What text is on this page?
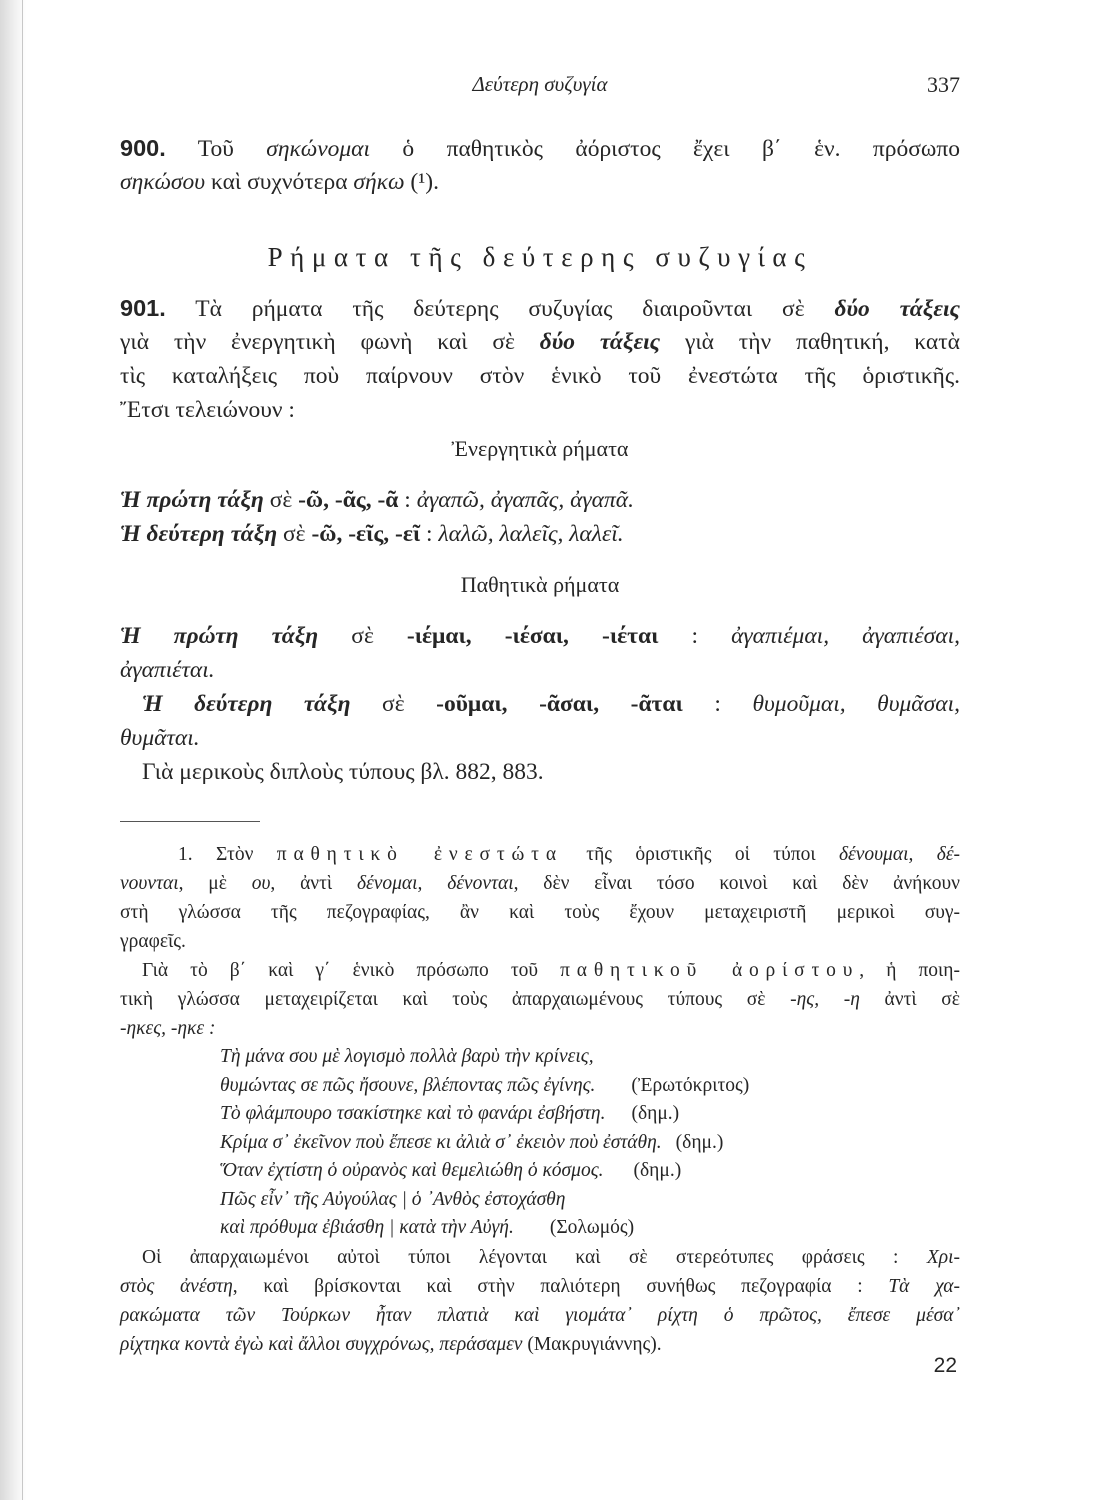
Δεύτερη συζυγία	337
900. Τοῦ σηκώνομαι ὁ παθητικὸς ἀόριστος ἔχει β΄ ἑν. πρόσωπο
σηκώσου καὶ συχνότερα σήκω (¹).
Ρήματα τῆς δεύτερης συζυγίας
901. Τὰ ρήματα τῆς δεύτερης συζυγίας διαιροῦνται σὲ δύο τάξεις
γιὰ τὴν ἐνεργητικὴ φωνὴ καὶ σὲ δύο τάξεις γιὰ τὴν παθητική, κατὰ
τὶς καταλήξεις ποὺ παίρνουν στὸν ἑνικὸ τοῦ ἐνεστώτα τῆς ὁριστικῆς.
Ἔτσι τελειώνουν :
Ἐνεργητικὰ ρήματα
Ἡ πρώτη τάξη σὲ -ῶ, -ᾶς, -ᾶ : ἀγαπῶ, ἀγαπᾶς, ἀγαπᾶ.
Ἡ δεύτερη τάξη σὲ -ῶ, -εῖς, -εῖ : λαλῶ, λαλεῖς, λαλεῖ.
Παθητικὰ ρήματα
Ἡ πρώτη τάξη σὲ -ιέμαι, -ιέσαι, -ιέται : ἀγαπιέμαι, ἀγαπιέσαι,
ἀγαπιέται.
Ἡ δεύτερη τάξη σὲ -οῦμαι, -ᾶσαι, -ᾶται : θυμοῦμαι, θυμᾶσαι,
θυμᾶται.
Γιὰ μερικοὺς διπλοὺς τύπους βλ. 882, 883.
1. Στὸν παθητικὸ ἐνεστώτα τῆς ὁριστικῆς οἱ τύποι δένουμαι, δέ-
νουνται, μὲ ου, ἀντὶ δένομαι, δένονται, δὲν εἶναι τόσο κοινοὶ καὶ δὲν ἀνήκουν
στὴ γλώσσα τῆς πεζογραφίας, ἂν καὶ τοὺς ἔχουν μεταχειριστῆ μερικοὶ συγ-
γραφεῖς.
Γιὰ τὸ β΄ καὶ γ΄ ἑνικὸ πρόσωπο τοῦ παθητικοῦ ἀορίστου, ἡ ποιη-
τικὴ γλώσσα μεταχειρίζεται καὶ τοὺς ἀπαρχαιωμένους τύπους σὲ -ης, -η ἀντὶ σὲ
-ηκες, -ηκε :
Τὴ μάνα σου μὲ λογισμὸ πολλὰ βαρὺ τὴν κρίνεις,
θυμώντας σε πῶς ἤσουνε, βλέποντας πῶς ἐγίνης. (Ἐρωτόκριτος)
Τὸ φλάμπουρο τσακίστηκε καὶ τὸ φανάρι ἐσβήστη. (δημ.)
Κρίμα σ᾽ ἐκεῖνον ποὺ ἔπεσε κι ἀλιὰ σ᾽ ἐκειὸν ποὺ ἐστάθη. (δημ.)
Ὅταν ἐχτίστη ὁ οὐρανὸς καὶ θεμελιώθη ὁ κόσμος. (δημ.)
Πῶς εἶν᾽ τῆς Αὐγούλας | ὁ ᾽Ανθὸς ἐστοχάσθη
καὶ πρόθυμα ἐβιάσθη | κατὰ τὴν Αὐγή. (Σολωμός)
Οἱ ἀπαρχαιωμένοι αὐτοὶ τύποι λέγονται καὶ σὲ στερεότυπες φράσεις : Χρι-
στὸς ἀνέστη, καὶ βρίσκονται καὶ στὴν παλιότερη συνήθως πεζογραφία : Τὰ χα-
ρακώματα τῶν Τούρκων ἦταν πλατιὰ καὶ γιομάτα᾽ ρίχτη ὁ πρῶτος, ἔπεσε μέσα᾽
ρίχτηκα κοντὰ ἐγὼ καὶ ἄλλοι συγχρόνως, περάσαμεν (Μακρυγιάννης).
22
